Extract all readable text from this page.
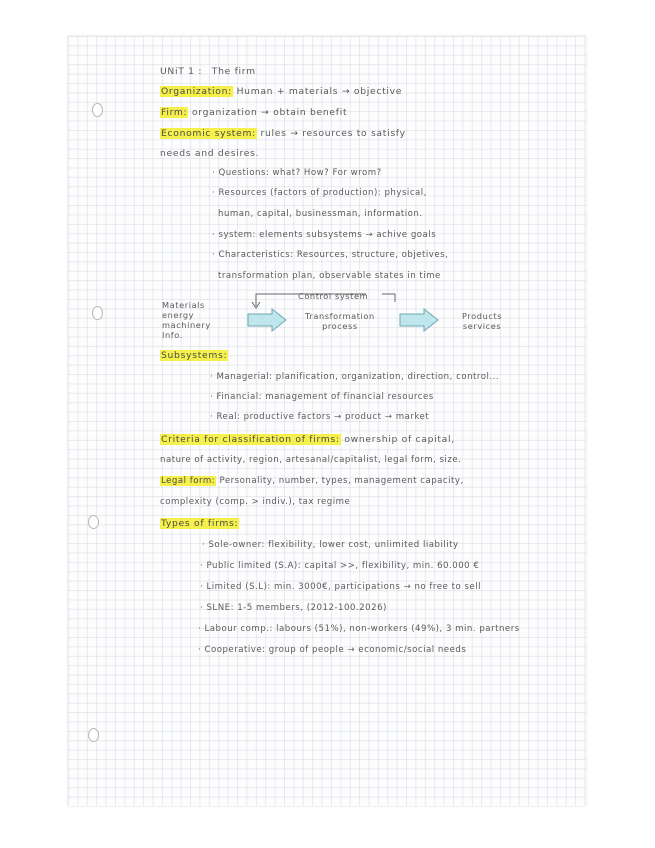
UNiT 1 : The firm
Organization: Human + materials → objective
Firm: organization → obtain benefit
Economic system: rules → resources to satisfy
needs and desires.
· Questions: what? How? For wrom?
· Resources (factors of production): physical,
human, capital, businessman, information.
· system: elements subsystems → achive goals
· Characteristics: Resources, structure, objetives,
transformation plan, observable states in time
Materials
energy
machinery
Info.
Control system
Transformation
process
Products
services
Subsystems:
· Managerial: planification, organization, direction, control...
· Financial: management of financial resources
· Real: productive factors → product → market
Criteria for classification of firms: ownership of capital,
nature of activity, region, artesanal/capitalist, legal form, size.
Legal form: Personality, number, types, management capacity,
complexity (comp. > indiv.), tax regime
Types of firms:
· Sole-owner: flexibility, lower cost, unlimited liability
· Public limited (S.A): capital >>, flexibility, min. 60.000 €
· Limited (S.L): min. 3000€, participations → no free to sell
· SLNE: 1-5 members, (2012-100.2026)
· Labour comp.: labours (51%), non-workers (49%), 3 min. partners
· Cooperative: group of people → economic/social needs
